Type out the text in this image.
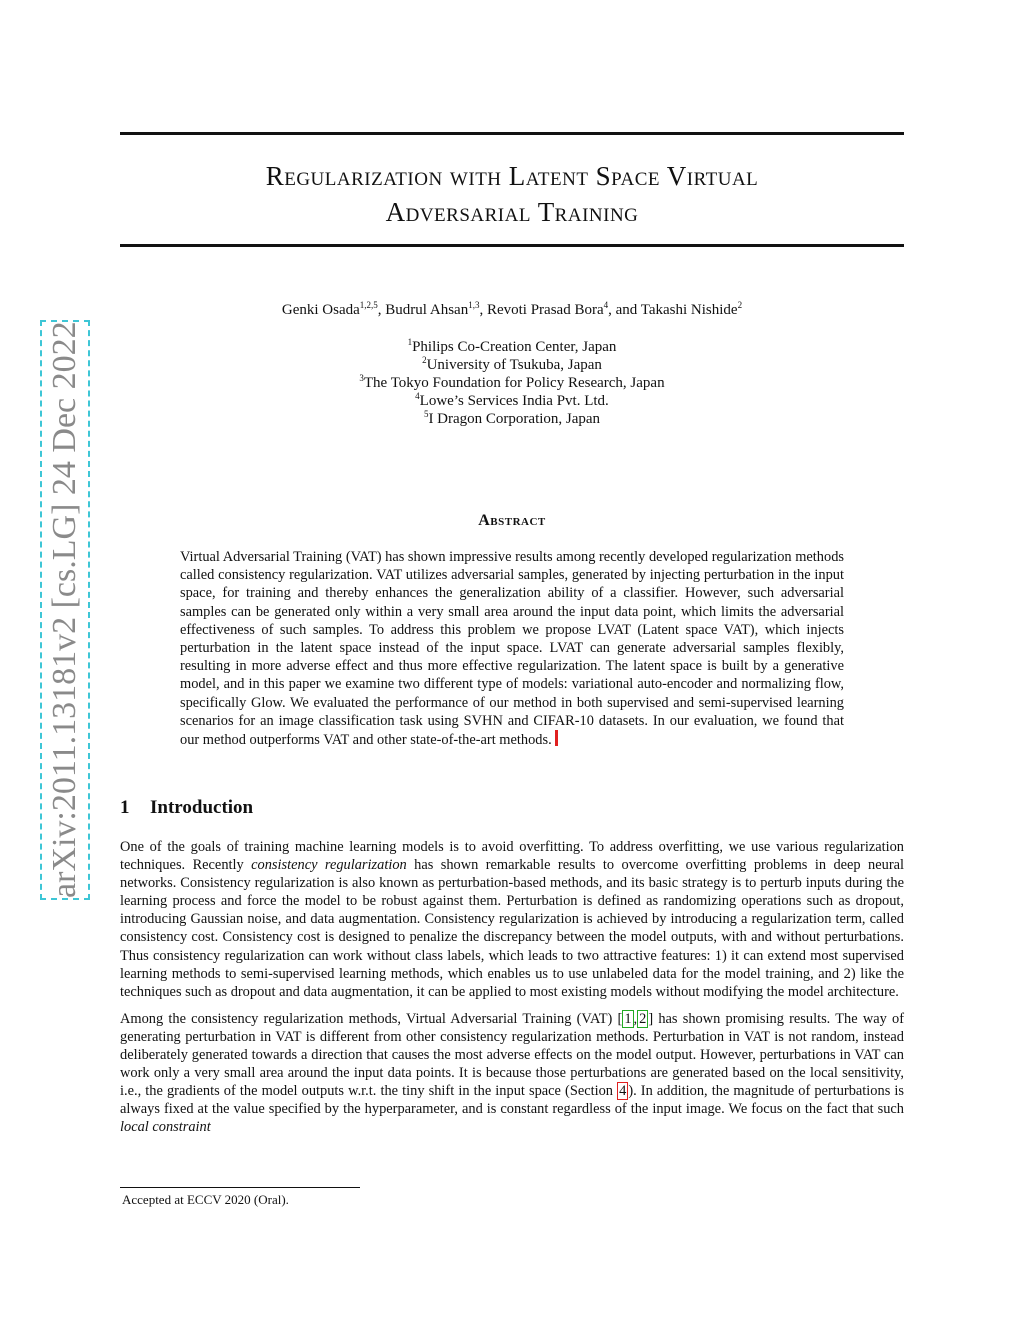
arXiv:2011.13181v2 [cs.LG] 24 Dec 2022
Regularization with Latent Space Virtual
Adversarial Training
Genki Osada$^{1,2,5}$, Budrul Ahsan$^{1,3}$, Revoti Prasad Bora$^4$, and Takashi Nishide$^2$
$^1$Philips Co-Creation Center, Japan
$^2$University of Tsukuba, Japan
$^3$The Tokyo Foundation for Policy Research, Japan
$^4$Lowe’s Services India Pvt. Ltd.
$^5$I Dragon Corporation, Japan
Abstract
Virtual Adversarial Training (VAT) has shown impressive results among recently developed regularization methods called consistency regularization. VAT utilizes adversarial samples, generated by injecting perturbation in the input space, for training and thereby enhances the generalization ability of a classifier. However, such adversarial samples can be generated only within a very small area around the input data point, which limits the adversarial effectiveness of such samples. To address this problem we propose LVAT (Latent space VAT), which injects perturbation in the latent space instead of the input space. LVAT can generate adversarial samples flexibly, resulting in more adverse effect and thus more effective regularization. The latent space is built by a generative model, and in this paper we examine two different type of models: variational auto-encoder and normalizing flow, specifically Glow. We evaluated the performance of our method in both supervised and semi-supervised learning scenarios for an image classification task using SVHN and CIFAR-10 datasets. In our evaluation, we found that our method outperforms VAT and other state-of-the-art methods.
1 Introduction

One of the goals of training machine learning models is to avoid overfitting. To address overfitting, we use various regularization techniques. Recently consistency regularization has shown remarkable results to overcome overfitting problems in deep neural networks. Consistency regularization is also known as perturbation-based methods, and its basic strategy is to perturb inputs during the learning process and force the model to be robust against them. Perturbation is defined as randomizing operations such as dropout, introducing Gaussian noise, and data augmentation. Consistency regularization is achieved by introducing a regularization term, called consistency cost. Consistency cost is designed to penalize the discrepancy between the model outputs, with and without perturbations. Thus consistency regularization can work without class labels, which leads to two attractive features: 1) it can extend most supervised learning methods to semi-supervised learning methods, which enables us to use unlabeled data for the model training, and 2) like the techniques such as dropout and data augmentation, it can be applied to most existing models without modifying the model architecture.

Among the consistency regularization methods, Virtual Adversarial Training (VAT) [ 1 , 2 ] has shown promising results. The way of generating perturbation in VAT is different from other consistency regularization methods. Perturbation in VAT is not random, instead deliberately generated towards a direction that causes the most adverse effects on the model output. However, perturbations in VAT can work only a very small area around the input data points. It is because those perturbations are generated based on the local sensitivity, i.e., the gradients of the model outputs w.r.t. the tiny shift in the input space (Section 4 ). In addition, the magnitude of perturbations is always fixed at the value specified by the hyperparameter, and is constant regardless of the input image. We focus on the fact that such local constraint

Accepted at ECCV 2020 (Oral).
